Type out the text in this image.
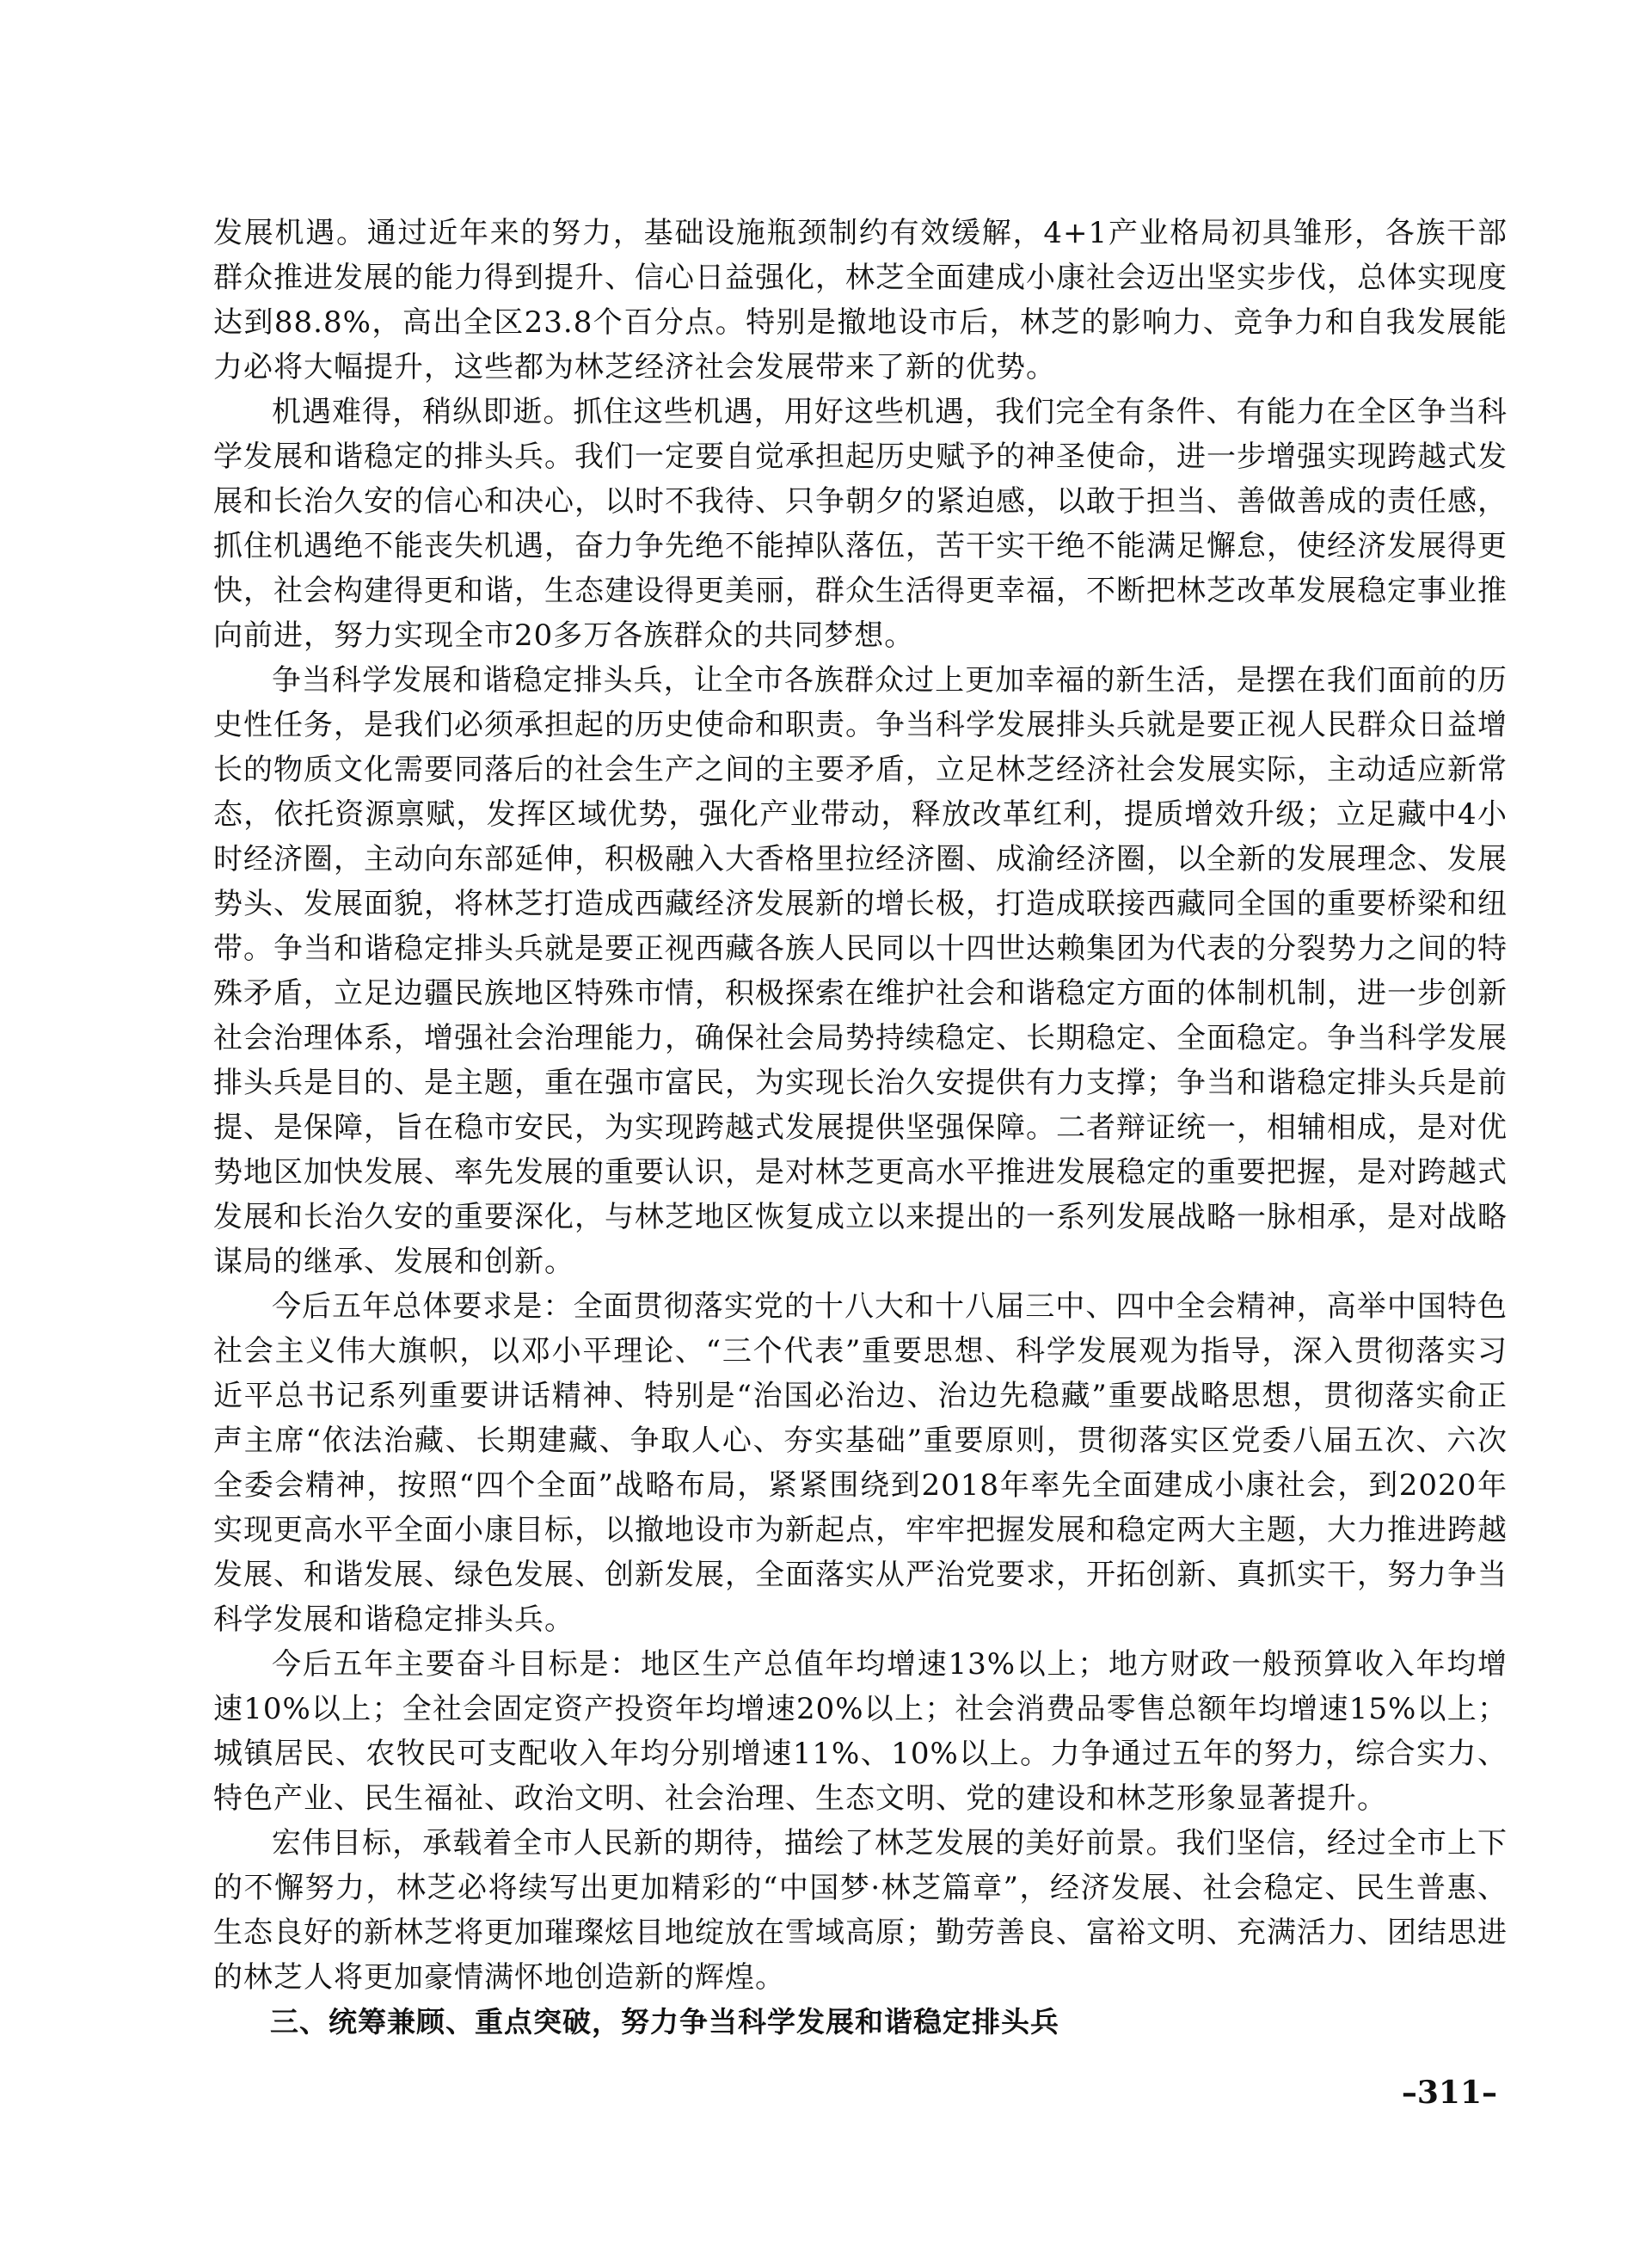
发展机遇。通过近年来的努力，基础设施瓶颈制约有效缓解，4+1产业格局初具雏形，各族干部群众推进发展的能力得到提升、信心日益强化，林芝全面建成小康社会迈出坚实步伐，总体实现度达到88.8%，高出全区23.8个百分点。特别是撤地设市后，林芝的影响力、竞争力和自我发展能力必将大幅提升，这些都为林芝经济社会发展带来了新的优势。

机遇难得，稍纵即逝。抓住这些机遇，用好这些机遇，我们完全有条件、有能力在全区争当科学发展和谐稳定的排头兵。我们一定要自觉承担起历史赋予的神圣使命，进一步增强实现跨越式发展和长治久安的信心和决心，以时不我待、只争朝夕的紧迫感，以敢于担当、善做善成的责任感，抓住机遇绝不能丧失机遇，奋力争先绝不能掉队落伍，苦干实干绝不能满足懈怠，使经济发展得更快，社会构建得更和谐，生态建设得更美丽，群众生活得更幸福，不断把林芝改革发展稳定事业推向前进，努力实现全市20多万各族群众的共同梦想。

争当科学发展和谐稳定排头兵，让全市各族群众过上更加幸福的新生活，是摆在我们面前的历史性任务，是我们必须承担起的历史使命和职责。争当科学发展排头兵就是要正视人民群众日益增长的物质文化需要同落后的社会生产之间的主要矛盾，立足林芝经济社会发展实际，主动适应新常态，依托资源禀赋，发挥区域优势，强化产业带动，释放改革红利，提质增效升级；立足藏中4小时经济圈，主动向东部延伸，积极融入大香格里拉经济圈、成渝经济圈，以全新的发展理念、发展势头、发展面貌，将林芝打造成西藏经济发展新的增长极，打造成联接西藏同全国的重要桥梁和纽带。争当和谐稳定排头兵就是要正视西藏各族人民同以十四世达赖集团为代表的分裂势力之间的特殊矛盾，立足边疆民族地区特殊市情，积极探索在维护社会和谐稳定方面的体制机制，进一步创新社会治理体系，增强社会治理能力，确保社会局势持续稳定、长期稳定、全面稳定。争当科学发展排头兵是目的、是主题，重在强市富民，为实现长治久安提供有力支撑；争当和谐稳定排头兵是前提、是保障，旨在稳市安民，为实现跨越式发展提供坚强保障。二者辩证统一，相辅相成，是对优势地区加快发展、率先发展的重要认识，是对林芝更高水平推进发展稳定的重要把握，是对跨越式发展和长治久安的重要深化，与林芝地区恢复成立以来提出的一系列发展战略一脉相承，是对战略谋局的继承、发展和创新。

今后五年总体要求是：全面贯彻落实党的十八大和十八届三中、四中全会精神，高举中国特色社会主义伟大旗帜，以邓小平理论、“三个代表”重要思想、科学发展观为指导，深入贯彻落实习近平总书记系列重要讲话精神、特别是“治国必治边、治边先稳藏”重要战略思想，贯彻落实俞正声主席“依法治藏、长期建藏、争取人心、夯实基础”重要原则，贯彻落实区党委八届五次、六次全委会精神，按照“四个全面”战略布局，紧紧围绕到2018年率先全面建成小康社会，到2020年实现更高水平全面小康目标，以撤地设市为新起点，牢牢把握发展和稳定两大主题，大力推进跨越发展、和谐发展、绿色发展、创新发展，全面落实从严治党要求，开拓创新、真抓实干，努力争当科学发展和谐稳定排头兵。

今后五年主要奋斗目标是：地区生产总值年均增速13%以上；地方财政一般预算收入年均增速10%以上；全社会固定资产投资年均增速20%以上；社会消费品零售总额年均增速15%以上；城镇居民、农牧民可支配收入年均分别增速11%、10%以上。力争通过五年的努力，综合实力、特色产业、民生福祉、政治文明、社会治理、生态文明、党的建设和林芝形象显著提升。

宏伟目标，承载着全市人民新的期待，描绘了林芝发展的美好前景。我们坚信，经过全市上下的不懈努力，林芝必将续写出更加精彩的“中国梦·林芝篇章”，经济发展、社会稳定、民生普惠、生态良好的新林芝将更加璀璨炫目地绽放在雪域高原；勤劳善良、富裕文明、充满活力、团结思进的林芝人将更加豪情满怀地创造新的辉煌。

三、统筹兼顾、重点突破，努力争当科学发展和谐稳定排头兵

–311–
